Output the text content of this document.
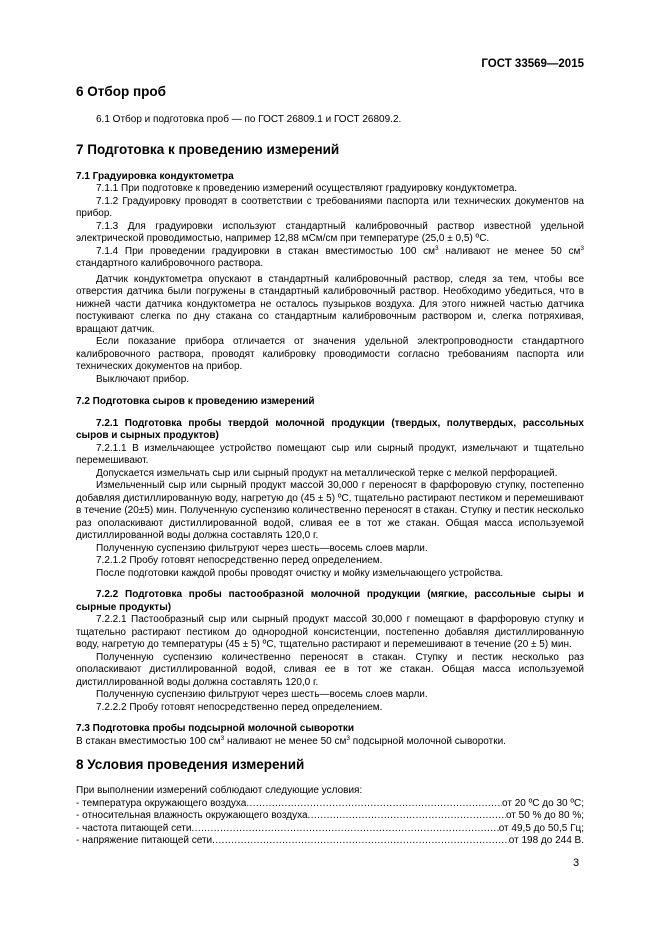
ГОСТ 33569—2015
6 Отбор проб

6.1 Отбор и подготовка проб — по ГОСТ 26809.1 и ГОСТ 26809.2.

7 Подготовка к проведению измерений
7.1 Градуировка кондуктометра

7.1.1 При подготовке к проведению измерений осуществляют градуировку кондуктометра.

7.1.2 Градуировку проводят в соответствии с требованиями паспорта или технических документов на прибор.

7.1.3 Для градуировки используют стандартный калибровочный раствор известной удельной электрической проводимостью, например 12,88 мСм/см при температуре (25,0 ± 0,5) ºС.

7.1.4 При проведении градуировки в стакан вместимостью 100 $см^3$ наливают не менее 50 $см^3$ стандартного калибровочного раствора.

Датчик кондуктометра опускают в стандартный калибровочный раствор, следя за тем, чтобы все отверстия датчика были погружены в стандартный калибровочный раствор. Необходимо убедиться, что в нижней части датчика кондуктометра не осталось пузырьков воздуха. Для этого нижней частью датчика постукивают слегка по дну стакана со стандартным калибровочным раствором и, слегка потряхивая, вращают датчик.

Если показание прибора отличается от значения удельной электропроводности стандартного калибровочного раствора, проводят калибровку проводимости согласно требованиям паспорта или технических документов на прибор.

Выключают прибор.

7.2 Подготовка сыров к проведению измерений

7.2.1 Подготовка пробы твердой молочной продукции (твердых, полутвердых, рассольных сыров и сырных продуктов)

7.2.1.1 В измельчающее устройство помещают сыр или сырный продукт, измельчают и тщательно перемешивают.

Допускается измельчать сыр или сырный продукт на металлической терке с мелкой перфорацией.

Измельченный сыр или сырный продукт массой 30,000 г переносят в фарфоровую ступку, постепенно добавляя дистиллированную воду, нагретую до (45 ± 5) ºС, тщательно растирают пестиком и перемешивают в течение (20±5) мин. Полученную суспензию количественно переносят в стакан. Ступку и пестик несколько раз ополаскивают дистиллированной водой, сливая ее в тот же стакан. Общая масса используемой дистиллированной воды должна составлять 120,0 г.

Полученную суспензию фильтруют через шесть—восемь слоев марли.

7.2.1.2 Пробу готовят непосредственно перед определением.

После подготовки каждой пробы проводят очистку и мойку измельчающего устройства.

7.2.2 Подготовка пробы пастообразной молочной продукции (мягкие, рассольные сыры и сырные продукты)

7.2.2.1 Пастообразный сыр или сырный продукт массой 30,000 г помещают в фарфоровую ступку и тщательно растирают пестиком до однородной консистенции, постепенно добавляя дистиллированную воду, нагретую до температуры (45 ± 5) ºС, тщательно растирают и перемешивают в течение (20 ± 5) мин.

Полученную суспензию количественно переносят в стакан. Ступку и пестик несколько раз ополаскивают дистиллированной водой, сливая ее в тот же стакан. Общая масса используемой дистиллированной воды должна составлять 120,0 г.

Полученную суспензию фильтруют через шесть—восемь слоев марли.

7.2.2.2 Пробу готовят непосредственно перед определением.

7.3 Подготовка пробы подсырной молочной сыворотки

В стакан вместимостью 100 $см^3$ наливают не менее 50 $см^3$ подсырной молочной сыворотки.

8 Условия проведения измерений

При выполнении измерений соблюдают следующие условия:

- температура окружающего воздуха .....	от 20 ºС до 30 ºС;
- относительная влажность окружающего воздуха .....	от 50 % до 80 %;
- частота питающей сети .....	от 49,5 до 50,5 Гц;
- напряжение питающей сети .....	от 198 до 244 В.
3
